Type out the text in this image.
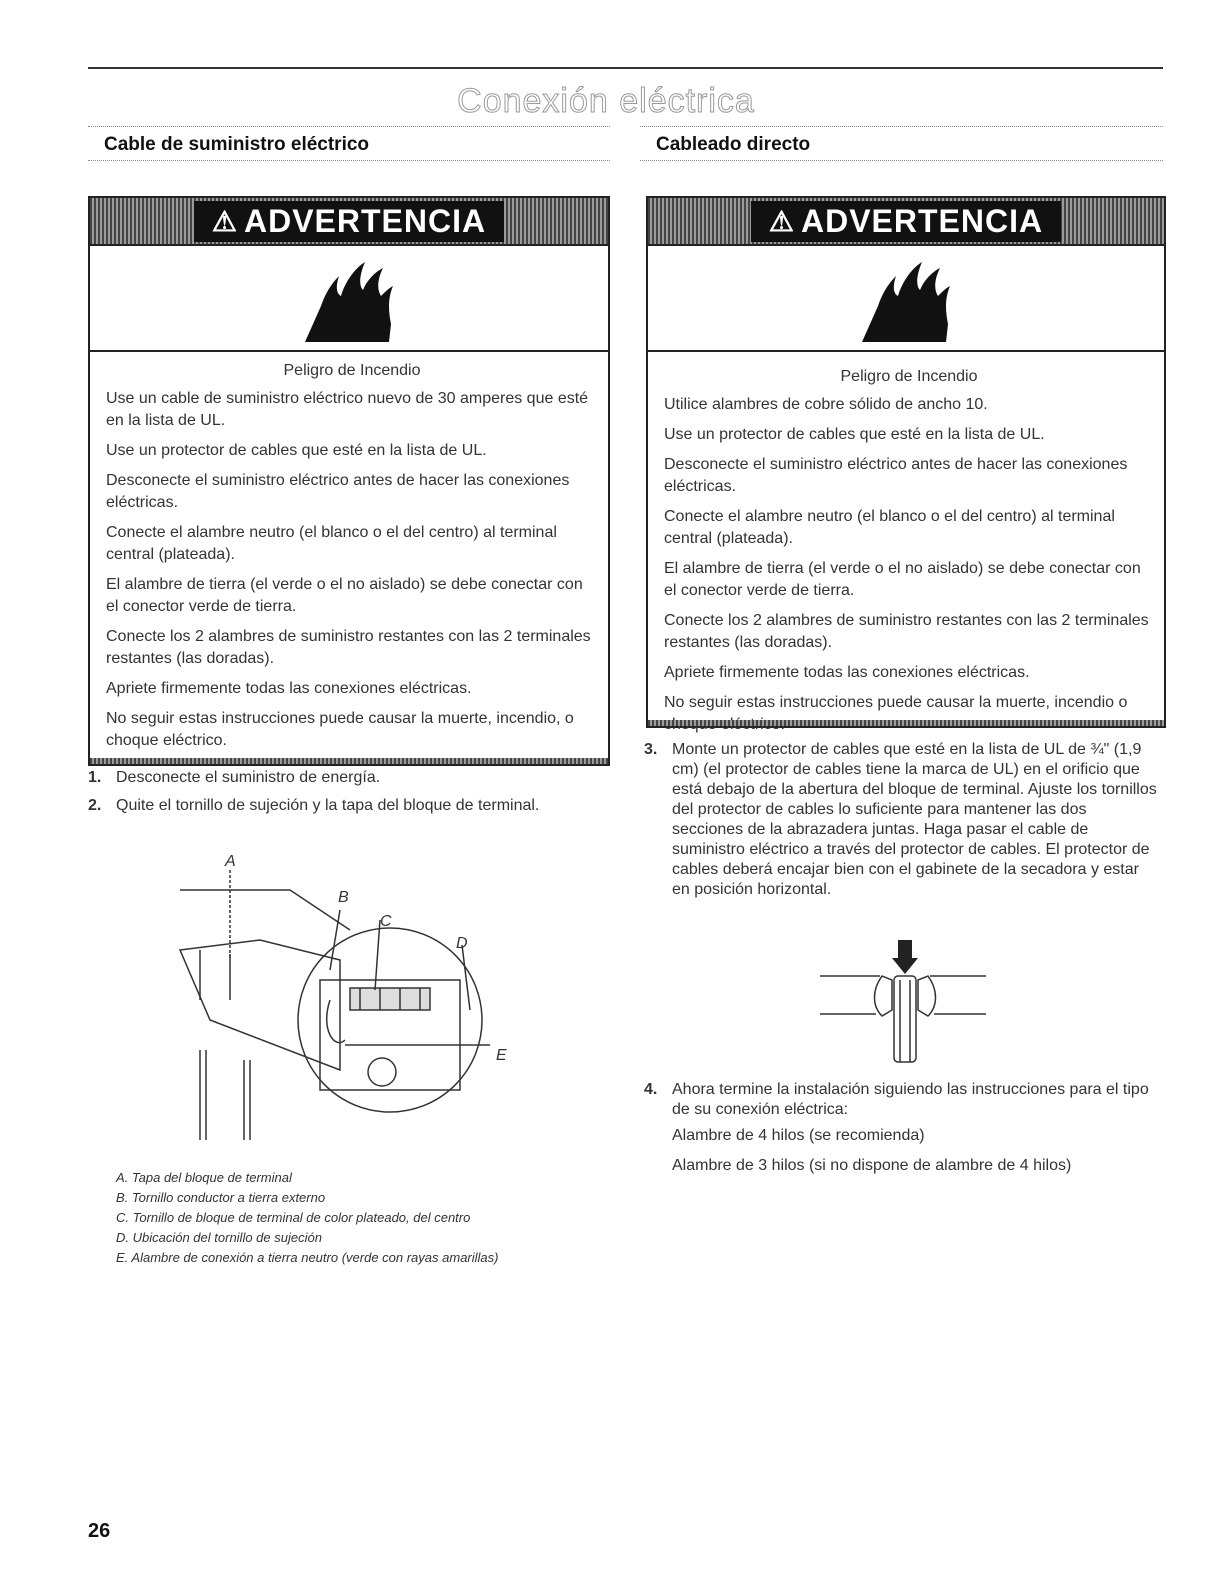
Conexión eléctrica
Cable de suministro eléctrico
⚠ ADVERTENCIA
Peligro de Incendio

Use un cable de suministro eléctrico nuevo de 30 amperes que esté en la lista de UL.

Use un protector de cables que esté en la lista de UL.

Desconecte el suministro eléctrico antes de hacer las conexiones eléctricas.

Conecte el alambre neutro (el blanco o el del centro) al terminal central (plateada).

El alambre de tierra (el verde o el no aislado) se debe conectar con el conector verde de tierra.

Conecte los 2 alambres de suministro restantes con las 2 terminales restantes (las doradas).

Apriete firmemente todas las conexiones eléctricas.

No seguir estas instrucciones puede causar la muerte, incendio, o choque eléctrico.

1. Desconecte el suministro de energía.
2. Quite el tornillo de sujeción y la tapa del bloque de terminal.
A
B
C
D
E
A. Tapa del bloque de terminal
B. Tornillo conductor a tierra externo
C. Tornillo de bloque de terminal de color plateado, del centro
D. Ubicación del tornillo de sujeción
E. Alambre de conexión a tierra neutro (verde con rayas amarillas)
Cableado directo
⚠ ADVERTENCIA
Peligro de Incendio

Utilice alambres de cobre sólido de ancho 10.

Use un protector de cables que esté en la lista de UL.

Desconecte el suministro eléctrico antes de hacer las conexiones eléctricas.

Conecte el alambre neutro (el blanco o el del centro) al terminal central (plateada).

El alambre de tierra (el verde o el no aislado) se debe conectar con el conector verde de tierra.

Conecte los 2 alambres de suministro restantes con las 2 terminales restantes (las doradas).

Apriete firmemente todas las conexiones eléctricas.

No seguir estas instrucciones puede causar la muerte, incendio o

3. Monte un protector de cables que esté en la lista de UL de ¾" (1,9 cm) (el protector de cables tiene la marca de UL) en el orificio que está debajo de la abertura del bloque de terminal. Ajuste los tornillos del protector de cables lo suficiente para mantener las dos secciones de la abrazadera juntas. Haga pasar el cable de suministro eléctrico a través del protector de cables. El protector de cables deberá encajar bien con el gabinete de la secadora y estar en posición horizontal.
4. Ahora termine la instalación siguiendo las instrucciones para el tipo de su conexión eléctrica:
Alambre de 4 hilos (se recomienda)
Alambre de 3 hilos (si no dispone de alambre de 4 hilos)
26
